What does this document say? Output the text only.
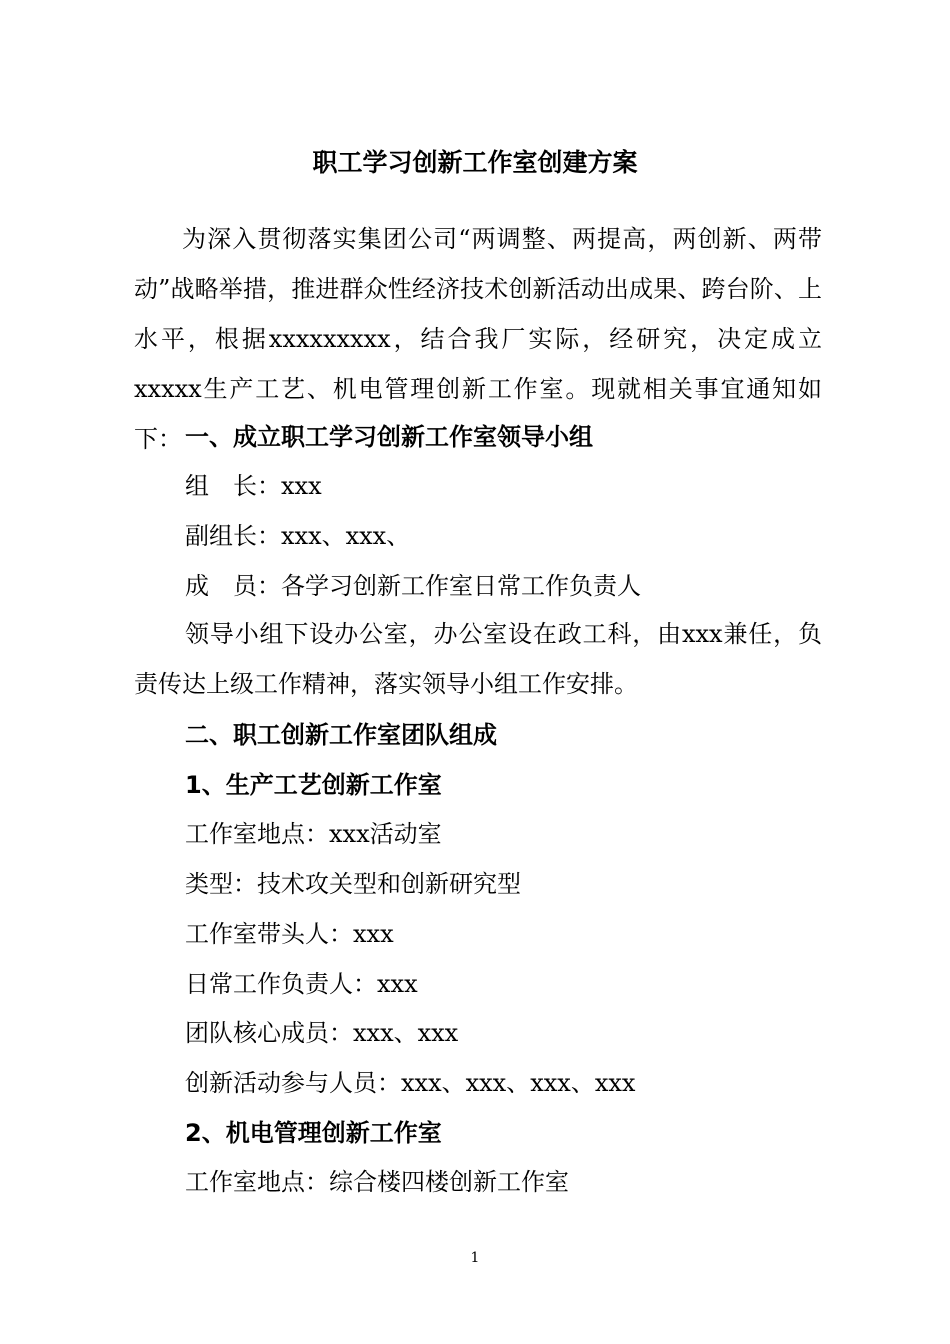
职工学习创新工作室创建方案
为深入贯彻落实集团公司“两调整、两提高，两创新、两带动”战略举措，推进群众性经济技术创新活动出成果、跨台阶、上水平，根据xxxxxxxxx，结合我厂实际，经研究，决定成立xxxxx生产工艺、机电管理创新工作室。现就相关事宜通知如下： 一、成立职工学习创新工作室领导小组
组　长：xxx
副组长：xxx、xxx、
成　员：各学习创新工作室日常工作负责人
领导小组下设办公室，办公室设在政工科，由xxx兼任，负责传达上级工作精神，落实领导小组工作安排。
二、职工创新工作室团队组成
1、生产工艺创新工作室
工作室地点：xxx活动室
类型：技术攻关型和创新研究型
工作室带头人：xxx
日常工作负责人：xxx
团队核心成员：xxx、xxx
创新活动参与人员：xxx、xxx、xxx、xxx
2、机电管理创新工作室
工作室地点：综合楼四楼创新工作室
1
